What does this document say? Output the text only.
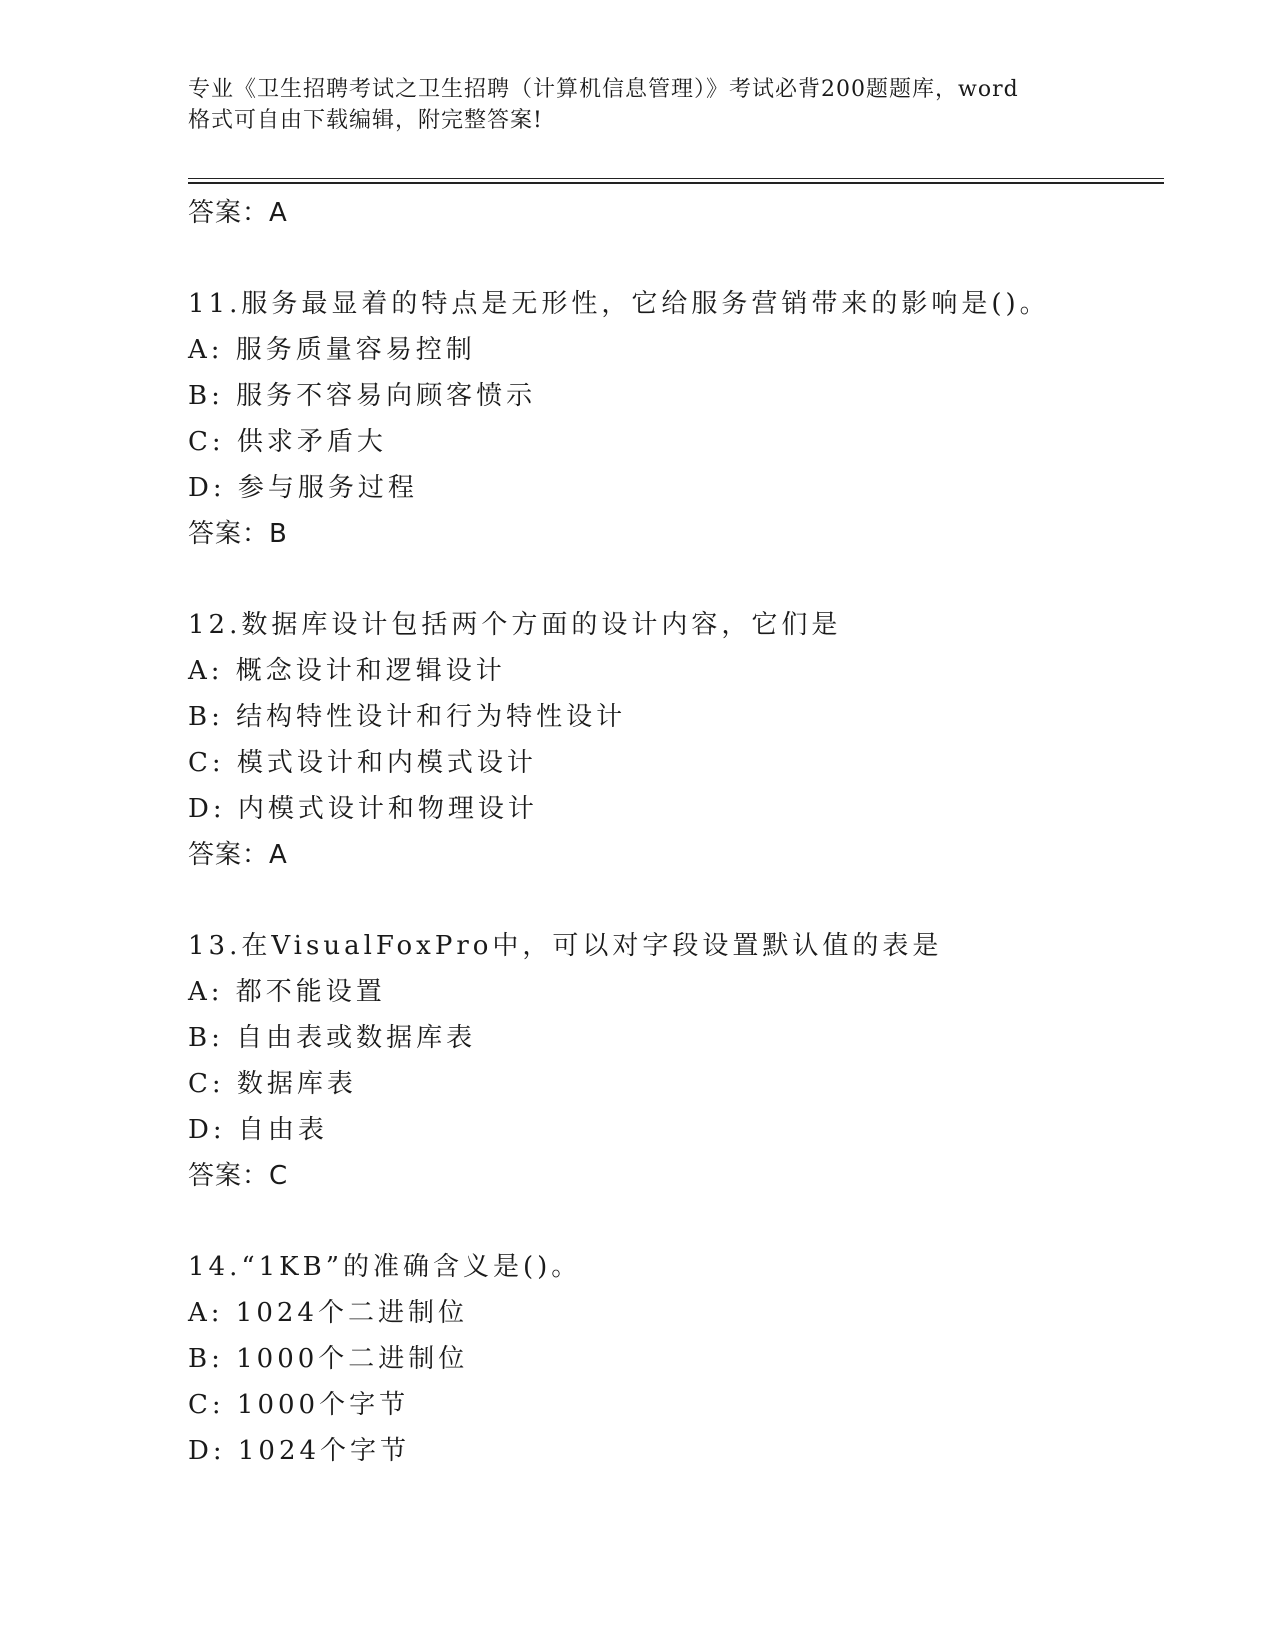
专业《卫生招聘考试之卫生招聘（计算机信息管理）》考试必背200题题库，word
格式可自由下载编辑，附完整答案!
答案：A
11.服务最显着的特点是无形性，它给服务营销带来的影响是()。
A: 服务质量容易控制
B: 服务不容易向顾客愤示
C: 供求矛盾大
D: 参与服务过程
答案：B
12.数据库设计包括两个方面的设计内容，它们是
A: 概念设计和逻辑设计
B: 结构特性设计和行为特性设计
C: 模式设计和内模式设计
D: 内模式设计和物理设计
答案：A
13.在VisualFoxPro中，可以对字段设置默认值的表是
A: 都不能设置
B: 自由表或数据库表
C: 数据库表
D: 自由表
答案：C
14.“1KB”的准确含义是()。
A: 1024个二进制位
B: 1000个二进制位
C: 1000个字节
D: 1024个字节
